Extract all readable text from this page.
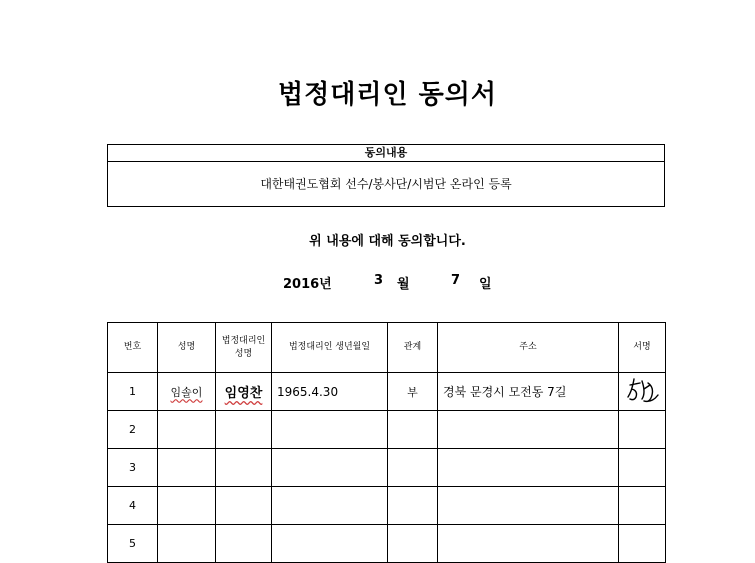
법정대리인 동의서
동의내용
대한태권도협회 선수/봉사단/시범단 온라인 등록
위 내용에 대해 동의합니다.
2016년	3 월	7 일
번호	성명	법정대리인 성명	법정대리인 생년월일	관계	주소	서명
1	임솔이	임영찬	1965.4.30	부	경북 문경시 모전동 7길	
2						
3						
4						
5						
